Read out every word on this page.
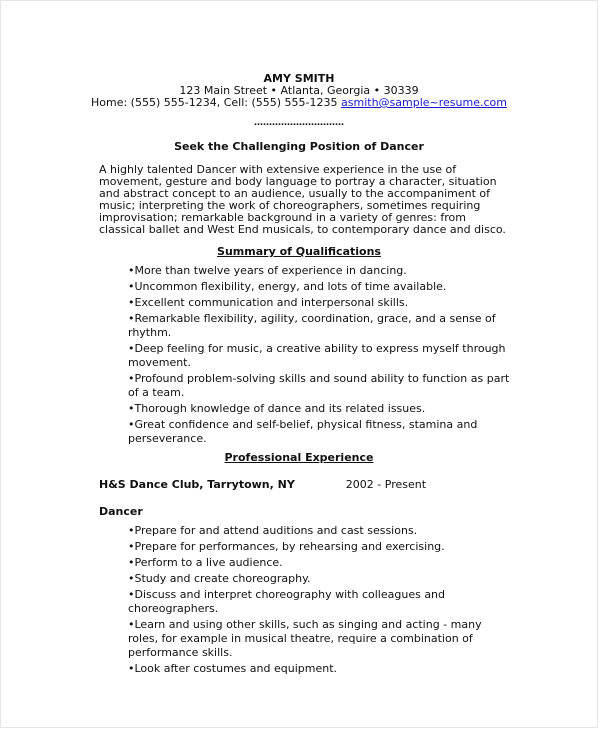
AMY SMITH
123 Main Street • Atlanta, Georgia • 30339
Home: (555) 555-1234, Cell: (555) 555-1235 asmith@sample~resume.com
…………………………
Seek the Challenging Position of Dancer
A highly talented Dancer with extensive experience in the use of movement, gesture and body language to portray a character, situation and abstract concept to an audience, usually to the accompaniment of music; interpreting the work of choreographers, sometimes requiring improvisation; remarkable background in a variety of genres: from classical ballet and West End musicals, to contemporary dance and disco.
Summary of Qualifications
•More than twelve years of experience in dancing.
•Uncommon flexibility, energy, and lots of time available.
•Excellent communication and interpersonal skills.
•Remarkable flexibility, agility, coordination, grace, and a sense of rhythm.
•Deep feeling for music, a creative ability to express myself through movement.
•Profound problem-solving skills and sound ability to function as part of a team.
•Thorough knowledge of dance and its related issues.
•Great confidence and self-belief, physical fitness, stamina and perseverance.
Professional Experience
H&S Dance Club, Tarrytown, NY	2002 - Present
Dancer
•Prepare for and attend auditions and cast sessions.
•Prepare for performances, by rehearsing and exercising.
•Perform to a live audience.
•Study and create choreography.
•Discuss and interpret choreography with colleagues and choreographers.
•Learn and using other skills, such as singing and acting - many roles, for example in musical theatre, require a combination of performance skills.
•Look after costumes and equipment.
